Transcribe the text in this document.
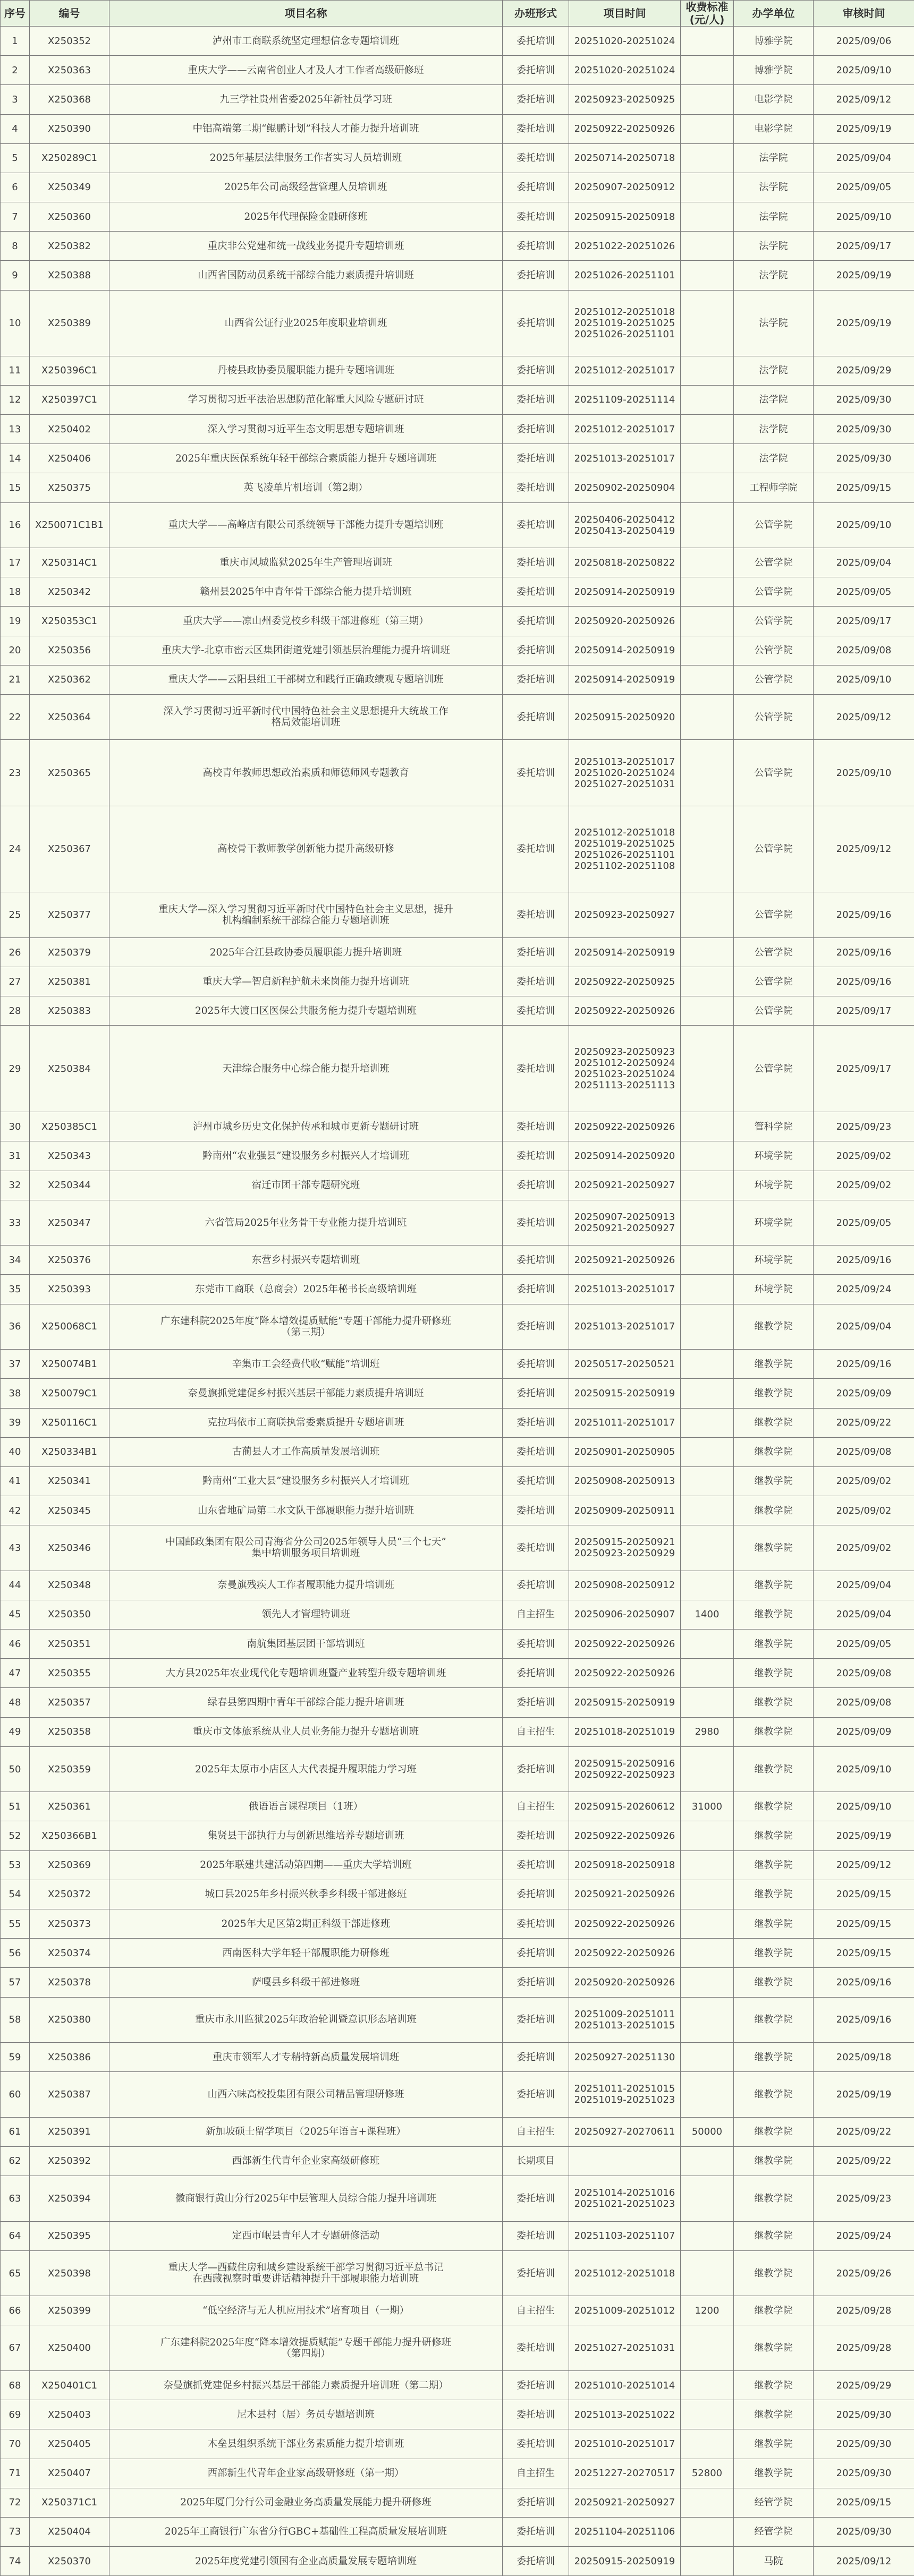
序号	编号	项目名称	办班形式	项目时间	收费标准
(元/人)	办学单位	审核时间
1	X250352	泸州市工商联系统坚定理想信念专题培训班	委托培训	20251020-20251024		博雅学院	2025/09/06
2	X250363	重庆大学——云南省创业人才及人才工作者高级研修班	委托培训	20251020-20251024		博雅学院	2025/09/10
3	X250368	九三学社贵州省委2025年新社员学习班	委托培训	20250923-20250925		电影学院	2025/09/12
4	X250390	中铝高端第二期“鲲鹏计划”科技人才能力提升培训班	委托培训	20250922-20250926		电影学院	2025/09/19
5	X250289C1	2025年基层法律服务工作者实习人员培训班	委托培训	20250714-20250718		法学院	2025/09/04
6	X250349	2025年公司高级经营管理人员培训班	委托培训	20250907-20250912		法学院	2025/09/05
7	X250360	2025年代理保险金融研修班	委托培训	20250915-20250918		法学院	2025/09/10
8	X250382	重庆非公党建和统一战线业务提升专题培训班	委托培训	20251022-20251026		法学院	2025/09/17
9	X250388	山西省国防动员系统干部综合能力素质提升培训班	委托培训	20251026-20251101		法学院	2025/09/19
10	X250389	山西省公证行业2025年度职业培训班	委托培训	20251012-20251018
20251019-20251025
20251026-20251101		法学院	2025/09/19
11	X250396C1	丹棱县政协委员履职能力提升专题培训班	委托培训	20251012-20251017		法学院	2025/09/29
12	X250397C1	学习贯彻习近平法治思想防范化解重大风险专题研讨班	委托培训	20251109-20251114		法学院	2025/09/30
13	X250402	深入学习贯彻习近平生态文明思想专题培训班	委托培训	20251012-20251017		法学院	2025/09/30
14	X250406	2025年重庆医保系统年轻干部综合素质能力提升专题培训班	委托培训	20251013-20251017		法学院	2025/09/30
15	X250375	英飞凌单片机培训（第2期）	委托培训	20250902-20250904		工程师学院	2025/09/15
16	X250071C1B1	重庆大学——高峰店有限公司系统领导干部能力提升专题培训班	委托培训	20250406-20250412
20250413-20250419		公管学院	2025/09/10
17	X250314C1	重庆市风城监狱2025年生产管理培训班	委托培训	20250818-20250822		公管学院	2025/09/04
18	X250342	赣州县2025年中青年骨干部综合能力提升培训班	委托培训	20250914-20250919		公管学院	2025/09/05
19	X250353C1	重庆大学——凉山州委党校乡科级干部进修班（第三期）	委托培训	20250920-20250926		公管学院	2025/09/17
20	X250356	重庆大学-北京市密云区集团街道党建引领基层治理能力提升培训班	委托培训	20250914-20250919		公管学院	2025/09/08
21	X250362	重庆大学——云阳县组工干部树立和践行正确政绩观专题培训班	委托培训	20250914-20250919		公管学院	2025/09/10
22	X250364	深入学习贯彻习近平新时代中国特色社会主义思想提升大统战工作
格局效能培训班	委托培训	20250915-20250920		公管学院	2025/09/12
23	X250365	高校青年教师思想政治素质和师德师风专题教育	委托培训	20251013-20251017
20251020-20251024
20251027-20251031		公管学院	2025/09/10
24	X250367	高校骨干教师教学创新能力提升高级研修	委托培训	20251012-20251018
20251019-20251025
20251026-20251101
20251102-20251108		公管学院	2025/09/12
25	X250377	重庆大学—深入学习贯彻习近平新时代中国特色社会主义思想，提升
机构编制系统干部综合能力专题培训班	委托培训	20250923-20250927		公管学院	2025/09/16
26	X250379	2025年合江县政协委员履职能力提升培训班	委托培训	20250914-20250919		公管学院	2025/09/16
27	X250381	重庆大学—智启新程护航未来岗能力提升培训班	委托培训	20250922-20250925		公管学院	2025/09/16
28	X250383	2025年大渡口区医保公共服务能力提升专题培训班	委托培训	20250922-20250926		公管学院	2025/09/17
29	X250384	天津综合服务中心综合能力提升培训班	委托培训	20250923-20250923
20251012-20250924
20251023-20251024
20251113-20251113		公管学院	2025/09/17
30	X250385C1	泸州市城乡历史文化保护传承和城市更新专题研讨班	委托培训	20250922-20250926		管科学院	2025/09/23
31	X250343	黔南州“农业强县”建设服务乡村振兴人才培训班	委托培训	20250914-20250920		环境学院	2025/09/02
32	X250344	宿迁市团干部专题研究班	委托培训	20250921-20250927		环境学院	2025/09/02
33	X250347	六省管局2025年业务骨干专业能力提升培训班	委托培训	20250907-20250913
20250921-20250927		环境学院	2025/09/05
34	X250376	东营乡村振兴专题培训班	委托培训	20250921-20250926		环境学院	2025/09/16
35	X250393	东莞市工商联（总商会）2025年秘书长高级培训班	委托培训	20251013-20251017		环境学院	2025/09/24
36	X250068C1	广东建科院2025年度“降本增效提质赋能”专题干部能力提升研修班
（第三期）	委托培训	20251013-20251017		继教学院	2025/09/04
37	X250074B1	辛集市工会经费代收“赋能”培训班	委托培训	20250517-20250521		继教学院	2025/09/16
38	X250079C1	奈曼旗抓党建促乡村振兴基层干部能力素质提升培训班	委托培训	20250915-20250919		继教学院	2025/09/09
39	X250116C1	克拉玛依市工商联执常委素质提升专题培训班	委托培训	20251011-20251017		继教学院	2025/09/22
40	X250334B1	古蔺县人才工作高质量发展培训班	委托培训	20250901-20250905		继教学院	2025/09/08
41	X250341	黔南州“工业大县”建设服务乡村振兴人才培训班	委托培训	20250908-20250913		继教学院	2025/09/02
42	X250345	山东省地矿局第二水文队干部履职能力提升培训班	委托培训	20250909-20250911		继教学院	2025/09/02
43	X250346	中国邮政集团有限公司青海省分公司2025年领导人员“三个七天”
集中培训服务项目培训班	委托培训	20250915-20250921
20250923-20250929		继教学院	2025/09/02
44	X250348	奈曼旗残疾人工作者履职能力提升培训班	委托培训	20250908-20250912		继教学院	2025/09/04
45	X250350	领先人才管理特训班	自主招生	20250906-20250907	1400	继教学院	2025/09/04
46	X250351	南航集团基层团干部培训班	委托培训	20250922-20250926		继教学院	2025/09/05
47	X250355	大方县2025年农业现代化专题培训班暨产业转型升级专题培训班	委托培训	20250922-20250926		继教学院	2025/09/08
48	X250357	绿春县第四期中青年干部综合能力提升培训班	委托培训	20250915-20250919		继教学院	2025/09/08
49	X250358	重庆市文体旅系统从业人员业务能力提升专题培训班	自主招生	20251018-20251019	2980	继教学院	2025/09/09
50	X250359	2025年太原市小店区人大代表提升履职能力学习班	委托培训	20250915-20250916
20250922-20250923		继教学院	2025/09/10
51	X250361	俄语语言课程项目（1班）	自主招生	20250915-20260612	31000	继教学院	2025/09/10
52	X250366B1	集贤县干部执行力与创新思维培养专题培训班	委托培训	20250922-20250926		继教学院	2025/09/19
53	X250369	2025年联建共建活动第四期——重庆大学培训班	委托培训	20250918-20250918		继教学院	2025/09/12
54	X250372	城口县2025年乡村振兴秋季乡科级干部进修班	委托培训	20250921-20250926		继教学院	2025/09/15
55	X250373	2025年大足区第2期正科级干部进修班	委托培训	20250922-20250926		继教学院	2025/09/15
56	X250374	西南医科大学年轻干部履职能力研修班	委托培训	20250922-20250926		继教学院	2025/09/15
57	X250378	萨嘎县乡科级干部进修班	委托培训	20250920-20250926		继教学院	2025/09/16
58	X250380	重庆市永川监狱2025年政治轮训暨意识形态培训班	委托培训	20251009-20251011
20251013-20251015		继教学院	2025/09/16
59	X250386	重庆市领军人才专精特新高质量发展培训班	委托培训	20250927-20251130		继教学院	2025/09/18
60	X250387	山西六味高校投集团有限公司精品管理研修班	委托培训	20251011-20251015
20251019-20251023		继教学院	2025/09/19
61	X250391	新加坡硕士留学项目（2025年语言+课程班）	自主招生	20250927-20270611	50000	继教学院	2025/09/22
62	X250392	西部新生代青年企业家高级研修班	长期项目			继教学院	2025/09/22
63	X250394	徽商银行黄山分行2025年中层管理人员综合能力提升培训班	委托培训	20251014-20251016
20251021-20251023		继教学院	2025/09/23
64	X250395	定西市岷县青年人才专题研修活动	委托培训	20251103-20251107		继教学院	2025/09/24
65	X250398	重庆大学—西藏住房和城乡建设系统干部学习贯彻习近平总书记
在西藏视察时重要讲话精神提升干部履职能力培训班	委托培训	20251012-20251018		继教学院	2025/09/26
66	X250399	“低空经济与无人机应用技术”培育项目（一期）	自主招生	20251009-20251012	1200	继教学院	2025/09/28
67	X250400	广东建科院2025年度“降本增效提质赋能”专题干部能力提升研修班
（第四期）	委托培训	20251027-20251031		继教学院	2025/09/28
68	X250401C1	奈曼旗抓党建促乡村振兴基层干部能力素质提升培训班（第二期）	委托培训	20251010-20251014		继教学院	2025/09/29
69	X250403	尼木县村（居）务员专题培训班	委托培训	20251013-20251022		继教学院	2025/09/30
70	X250405	木垒县组织系统干部业务素质能力提升培训班	委托培训	20251010-20251017		继教学院	2025/09/30
71	X250407	西部新生代青年企业家高级研修班（第一期）	自主招生	20251227-20270517	52800	继教学院	2025/09/30
72	X250371C1	2025年厦门分行公司金融业务高质量发展能力提升研修班	委托培训	20250921-20250927		经管学院	2025/09/15
73	X250404	2025年工商银行广东省分行GBC+基础性工程高质量发展培训班	委托培训	20251104-20251106		经管学院	2025/09/30
74	X250370	2025年度党建引领国有企业高质量发展专题培训班	委托培训	20250915-20250919		马院	2025/09/12
